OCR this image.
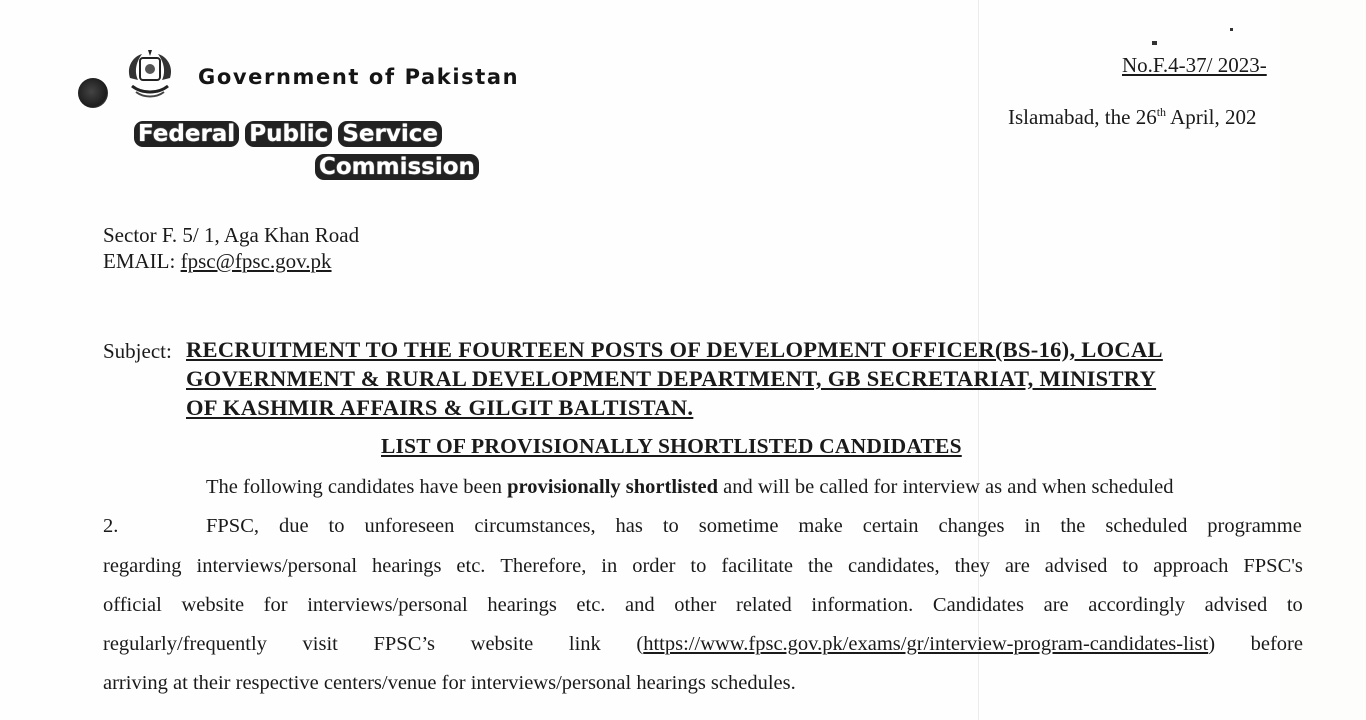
Government of Pakistan
Federal Public Service
Commission
No.F.4-37/ 2023-
Islamabad, the 26th April, 202
Sector F. 5/ 1, Aga Khan Road
EMAIL: fpsc@fpsc.gov.pk
Subject: RECRUITMENT TO THE FOURTEEN POSTS OF DEVELOPMENT OFFICER(BS-16), LOCAL
GOVERNMENT & RURAL DEVELOPMENT DEPARTMENT, GB SECRETARIAT, MINISTRY
OF KASHMIR AFFAIRS & GILGIT BALTISTAN.
LIST OF PROVISIONALLY SHORTLISTED CANDIDATES
The following candidates have been provisionally shortlisted and will be called for interview as and when scheduled
2.	FPSC, due to unforeseen circumstances, has to sometime make certain changes in the scheduled programme
regarding interviews/personal hearings etc. Therefore, in order to facilitate the candidates, they are advised to approach FPSC's
official website for interviews/personal hearings etc. and other related information. Candidates are accordingly advised to
regularly/frequently visit FPSC’s website link (https://www.fpsc.gov.pk/exams/gr/interview-program-candidates-list) before
arriving at their respective centers/venue for interviews/personal hearings schedules.
